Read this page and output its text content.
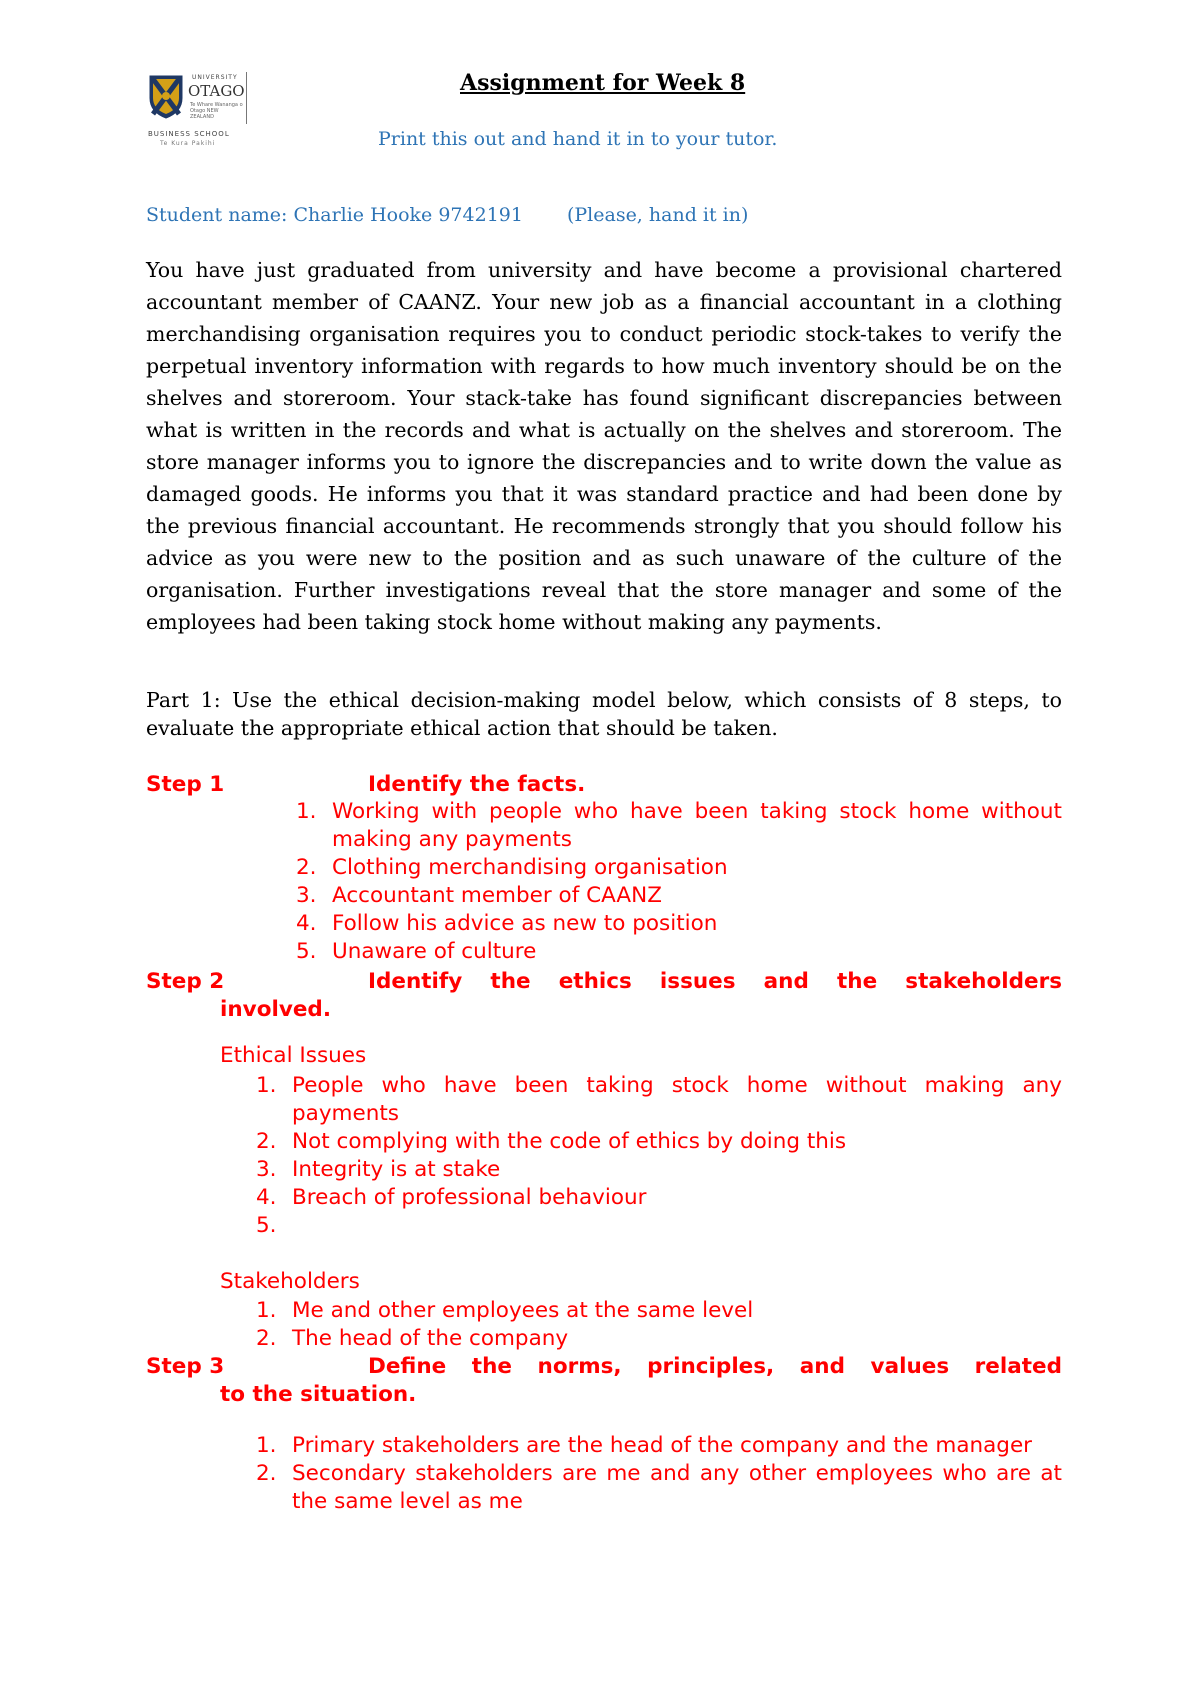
UNIVERSITY
OTAGO
Te Whare Wananga o Otago NEW ZEALAND
BUSINESS SCHOOL
Te Kura Pakihi
Assignment for Week 8
Print this out and hand it in to your tutor.
Student name: Charlie Hooke 9742191 (Please, hand it in)
You have just graduated from university and have become a provisional chartered accountant member of CAANZ. Your new job as a financial accountant in a clothing merchandising organisation requires you to conduct periodic stock-takes to verify the perpetual inventory information with regards to how much inventory should be on the shelves and storeroom. Your stack-take has found significant discrepancies between what is written in the records and what is actually on the shelves and storeroom. The store manager informs you to ignore the discrepancies and to write down the value as damaged goods. He informs you that it was standard practice and had been done by the previous financial accountant. He recommends strongly that you should follow his advice as you were new to the position and as such unaware of the culture of the organisation. Further investigations reveal that the store manager and some of the employees had been taking stock home without making any payments.
Part 1: Use the ethical decision-making model below, which consists of 8 steps, to evaluate the appropriate ethical action that should be taken.
Step 1	Identify the facts.
1. Working with people who have been taking stock home without making any payments
2. Clothing merchandising organisation
3. Accountant member of CAANZ
4. Follow his advice as new to position
5. Unaware of culture
Step 2	Identify the ethics issues and the stakeholders
involved.
Ethical Issues
1. People who have been taking stock home without making any payments
2. Not complying with the code of ethics by doing this
3. Integrity is at stake
4. Breach of professional behaviour
5.
Stakeholders
1. Me and other employees at the same level
2. The head of the company
Step 3	Define the norms, principles, and values related
to the situation.
1. Primary stakeholders are the head of the company and the manager
2. Secondary stakeholders are me and any other employees who are at the same level as me
